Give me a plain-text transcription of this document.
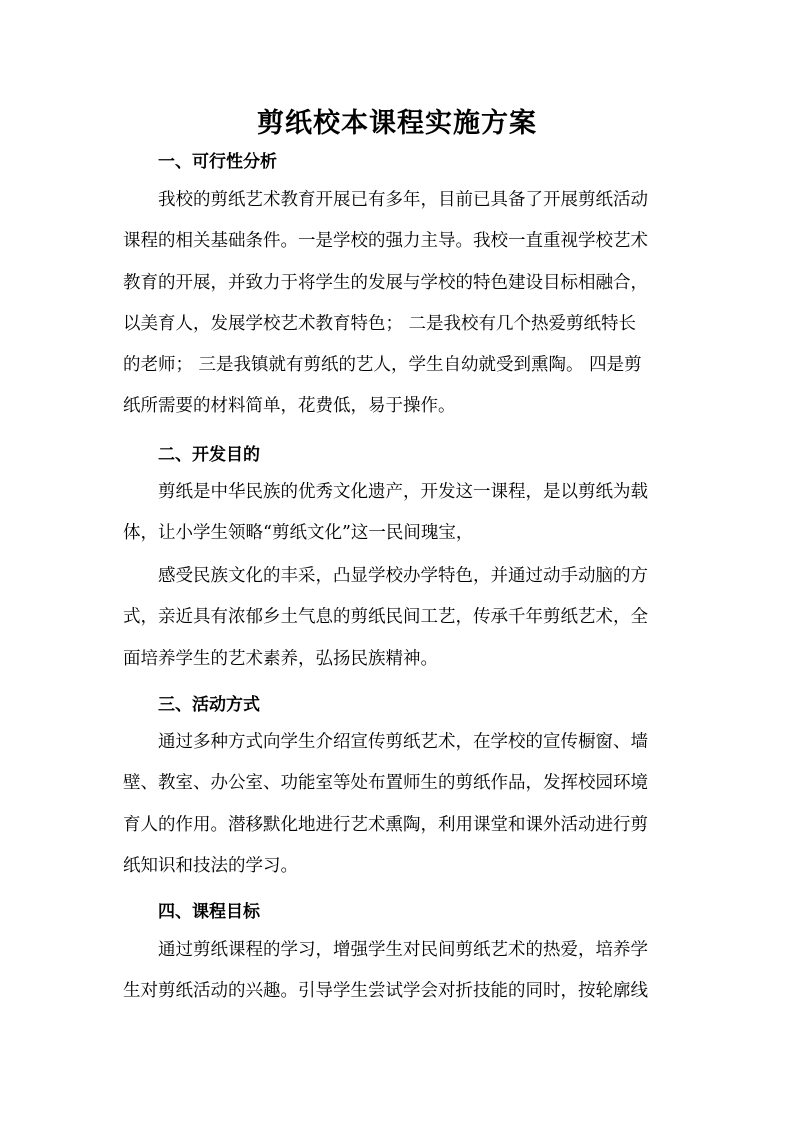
剪纸校本课程实施方案
一、可行性分析
我校的剪纸艺术教育开展已有多年，目前已具备了开展剪纸活动
课程的相关基础条件。一是学校的强力主导。我校一直重视学校艺术
教育的开展，并致力于将学生的发展与学校的特色建设目标相融合，
以美育人，发展学校艺术教育特色； 二是我校有几个热爱剪纸特长
的老师； 三是我镇就有剪纸的艺人，学生自幼就受到熏陶。 四是剪
纸所需要的材料简单，花费低，易于操作。
二、开发目的
剪纸是中华民族的优秀文化遗产，开发这一课程，是以剪纸为载
体，让小学生领略“剪纸文化”这一民间瑰宝，
感受民族文化的丰采，凸显学校办学特色，并通过动手动脑的方
式，亲近具有浓郁乡土气息的剪纸民间工艺，传承千年剪纸艺术，全
面培养学生的艺术素养，弘扬民族精神。
三、活动方式
通过多种方式向学生介绍宣传剪纸艺术，在学校的宣传橱窗、墙
壁、教室、办公室、功能室等处布置师生的剪纸作品，发挥校园环境
育人的作用。潜移默化地进行艺术熏陶，利用课堂和课外活动进行剪
纸知识和技法的学习。
四、课程目标
通过剪纸课程的学习，增强学生对民间剪纸艺术的热爱，培养学
生对剪纸活动的兴趣。引导学生尝试学会对折技能的同时，按轮廓线
